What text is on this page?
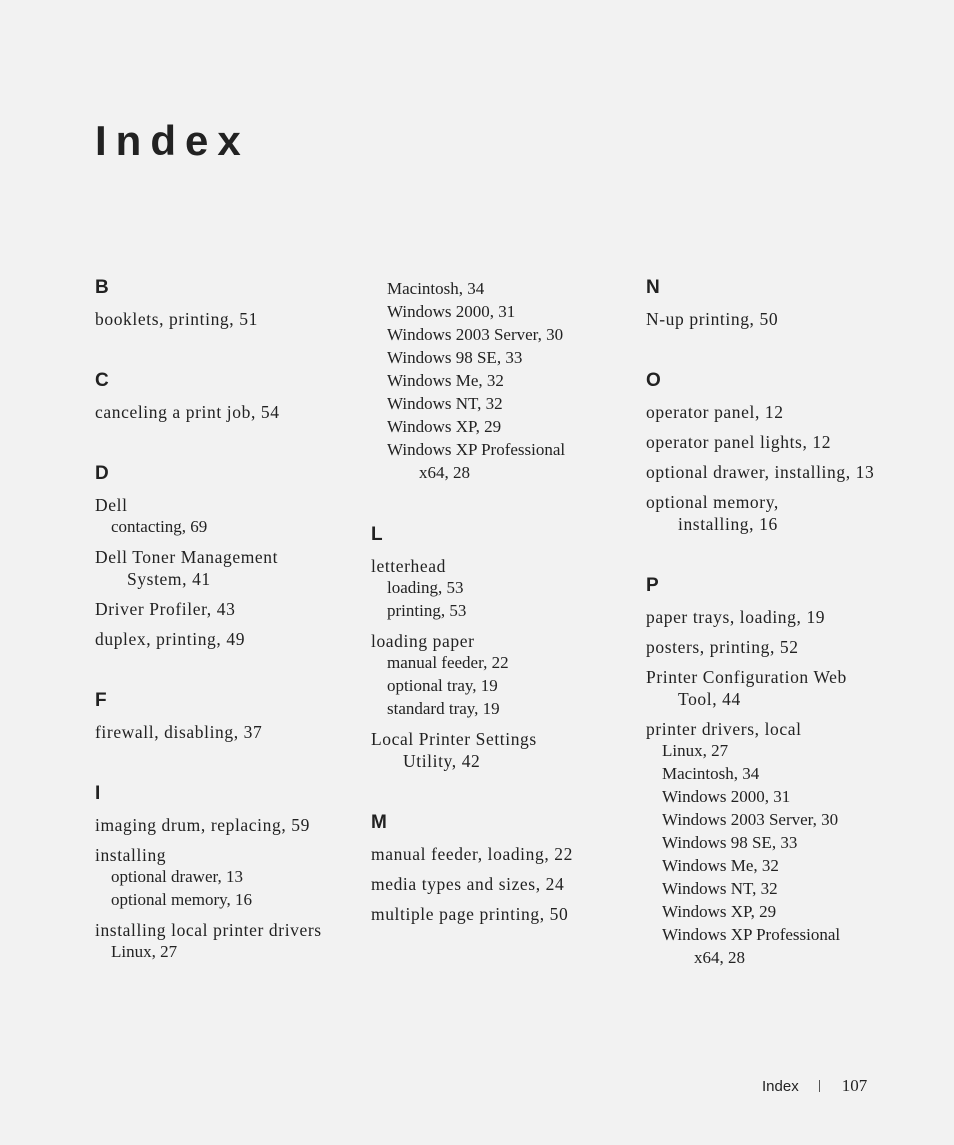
Index
B
booklets, printing, 51
C
canceling a print job, 54
D
Dell
contacting, 69
Dell Toner Management
System, 41
Driver Profiler, 43
duplex, printing, 49
F
firewall, disabling, 37
I
imaging drum, replacing, 59
installing
optional drawer, 13
optional memory, 16
installing local printer drivers
Linux, 27
Macintosh, 34
Windows 2000, 31
Windows 2003 Server, 30
Windows 98 SE, 33
Windows Me, 32
Windows NT, 32
Windows XP, 29
Windows XP Professional
x64, 28
L
letterhead
loading, 53
printing, 53
loading paper
manual feeder, 22
optional tray, 19
standard tray, 19
Local Printer Settings
Utility, 42
M
manual feeder, loading, 22
media types and sizes, 24
multiple page printing, 50
N
N-up printing, 50
O
operator panel, 12
operator panel lights, 12
optional drawer, installing, 13
optional memory,
installing, 16
P
paper trays, loading, 19
posters, printing, 52
Printer Configuration Web
Tool, 44
printer drivers, local
Linux, 27
Macintosh, 34
Windows 2000, 31
Windows 2003 Server, 30
Windows 98 SE, 33
Windows Me, 32
Windows NT, 32
Windows XP, 29
Windows XP Professional
x64, 28
Index	107
